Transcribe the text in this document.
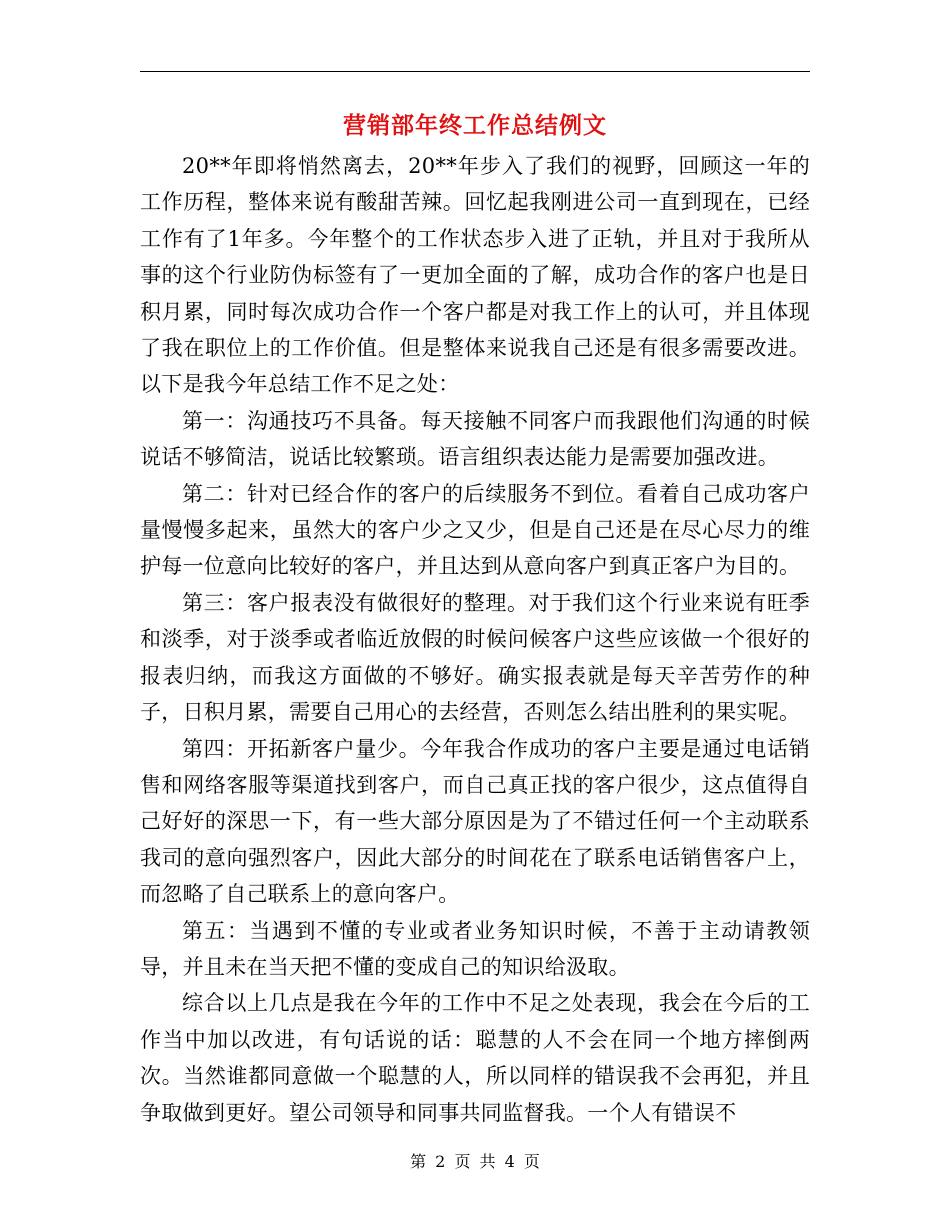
营销部年终工作总结例文

20**年即将悄然离去，20**年步入了我们的视野，回顾这一年的工作历程，整体来说有酸甜苦辣。回忆起我刚进公司一直到现在，已经工作有了1年多。今年整个的工作状态步入进了正轨，并且对于我所从事的这个行业防伪标签有了一更加全面的了解，成功合作的客户也是日积月累，同时每次成功合作一个客户都是对我工作上的认可，并且体现了我在职位上的工作价值。但是整体来说我自己还是有很多需要改进。以下是我今年总结工作不足之处：

第一：沟通技巧不具备。每天接触不同客户而我跟他们沟通的时候说话不够简洁，说话比较繁琐。语言组织表达能力是需要加强改进。

第二：针对已经合作的客户的后续服务不到位。看着自己成功客户量慢慢多起来，虽然大的客户少之又少，但是自己还是在尽心尽力的维护每一位意向比较好的客户，并且达到从意向客户到真正客户为目的。

第三：客户报表没有做很好的整理。对于我们这个行业来说有旺季和淡季，对于淡季或者临近放假的时候问候客户这些应该做一个很好的报表归纳，而我这方面做的不够好。确实报表就是每天辛苦劳作的种子，日积月累，需要自己用心的去经营，否则怎么结出胜利的果实呢。

第四：开拓新客户量少。今年我合作成功的客户主要是通过电话销售和网络客服等渠道找到客户，而自己真正找的客户很少，这点值得自己好好的深思一下，有一些大部分原因是为了不错过任何一个主动联系我司的意向强烈客户，因此大部分的时间花在了联系电话销售客户上，而忽略了自己联系上的意向客户。

第五：当遇到不懂的专业或者业务知识时候，不善于主动请教领导，并且未在当天把不懂的变成自己的知识给汲取。

综合以上几点是我在今年的工作中不足之处表现，我会在今后的工作当中加以改进，有句话说的话：聪慧的人不会在同一个地方摔倒两次。当然谁都同意做一个聪慧的人，所以同样的错误我不会再犯，并且争取做到更好。望公司领导和同事共同监督我。一个人有错误不

第 2 页 共 4 页
